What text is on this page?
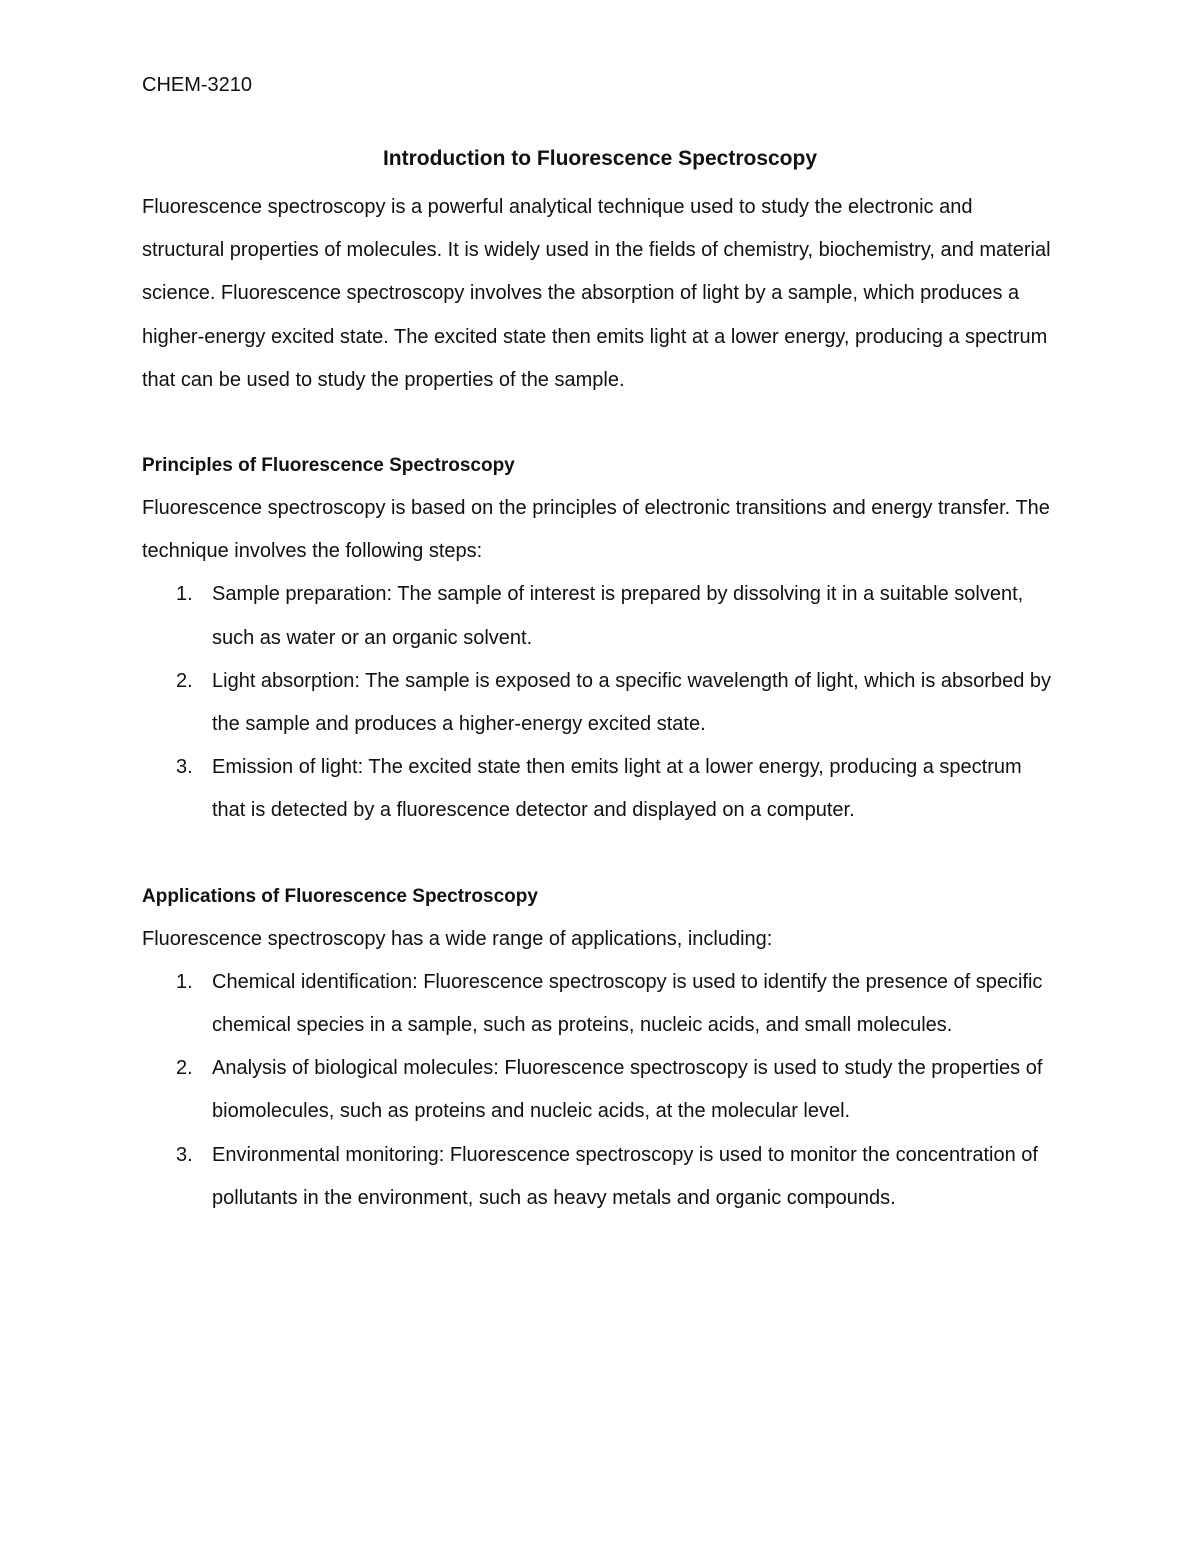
CHEM-3210

Introduction to Fluorescence Spectroscopy

Fluorescence spectroscopy is a powerful analytical technique used to study the electronic and structural properties of molecules. It is widely used in the fields of chemistry, biochemistry, and material science. Fluorescence spectroscopy involves the absorption of light by a sample, which produces a higher-energy excited state. The excited state then emits light at a lower energy, producing a spectrum that can be used to study the properties of the sample.

Principles of Fluorescence Spectroscopy

Fluorescence spectroscopy is based on the principles of electronic transitions and energy transfer. The technique involves the following steps:

1. Sample preparation: The sample of interest is prepared by dissolving it in a suitable solvent, such as water or an organic solvent.
2. Light absorption: The sample is exposed to a specific wavelength of light, which is absorbed by the sample and produces a higher-energy excited state.
3. Emission of light: The excited state then emits light at a lower energy, producing a spectrum that is detected by a fluorescence detector and displayed on a computer.
Applications of Fluorescence Spectroscopy

Fluorescence spectroscopy has a wide range of applications, including:

1. Chemical identification: Fluorescence spectroscopy is used to identify the presence of specific chemical species in a sample, such as proteins, nucleic acids, and small molecules.
2. Analysis of biological molecules: Fluorescence spectroscopy is used to study the properties of biomolecules, such as proteins and nucleic acids, at the molecular level.
3. Environmental monitoring: Fluorescence spectroscopy is used to monitor the concentration of pollutants in the environment, such as heavy metals and organic compounds.
